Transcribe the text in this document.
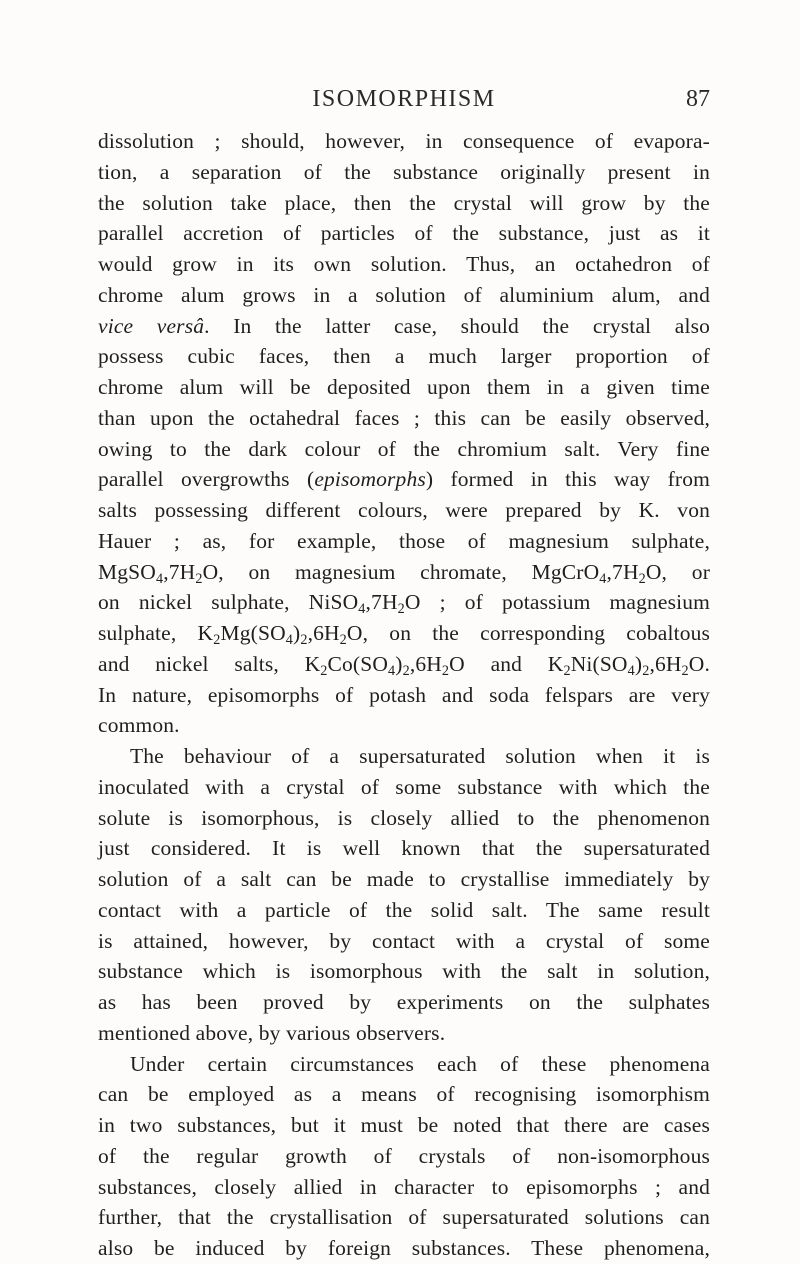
ISOMORPHISM	87
dissolution ; should, however, in consequence of evapora-
tion, a separation of the substance originally present in
the solution take place, then the crystal will grow by the
parallel accretion of particles of the substance, just as it
would grow in its own solution. Thus, an octahedron of
chrome alum grows in a solution of aluminium alum, and
vice versâ. In the latter case, should the crystal also
possess cubic faces, then a much larger proportion of
chrome alum will be deposited upon them in a given time
than upon the octahedral faces ; this can be easily observed,
owing to the dark colour of the chromium salt. Very fine
parallel overgrowths (episomorphs) formed in this way from
salts possessing different colours, were prepared by K. von
Hauer ; as, for example, those of magnesium sulphate,
$MgSO_4,7H_2O$, on magnesium chromate, $MgCrO_4,7H_2O$, or
on nickel sulphate, $NiSO_4,7H_2O$ ; of potassium magnesium
sulphate, $K_2Mg(SO_4)_2,6H_2O$, on the corresponding cobaltous
and nickel salts, $K_2Co(SO_4)_2,6H_2O$ and $K_2Ni(SO_4)_2,6H_2O$.
In nature, episomorphs of potash and soda felspars are very
common.
The behaviour of a supersaturated solution when it is
inoculated with a crystal of some substance with which the
solute is isomorphous, is closely allied to the phenomenon
just considered. It is well known that the supersaturated
solution of a salt can be made to crystallise immediately by
contact with a particle of the solid salt. The same result
is attained, however, by contact with a crystal of some
substance which is isomorphous with the salt in solution,
as has been proved by experiments on the sulphates
mentioned above, by various observers.
Under certain circumstances each of these phenomena
can be employed as a means of recognising isomorphism
in two substances, but it must be noted that there are cases
of the regular growth of crystals of non-isomorphous
substances, closely allied in character to episomorphs ; and
further, that the crystallisation of supersaturated solutions can
also be induced by foreign substances. These phenomena,
